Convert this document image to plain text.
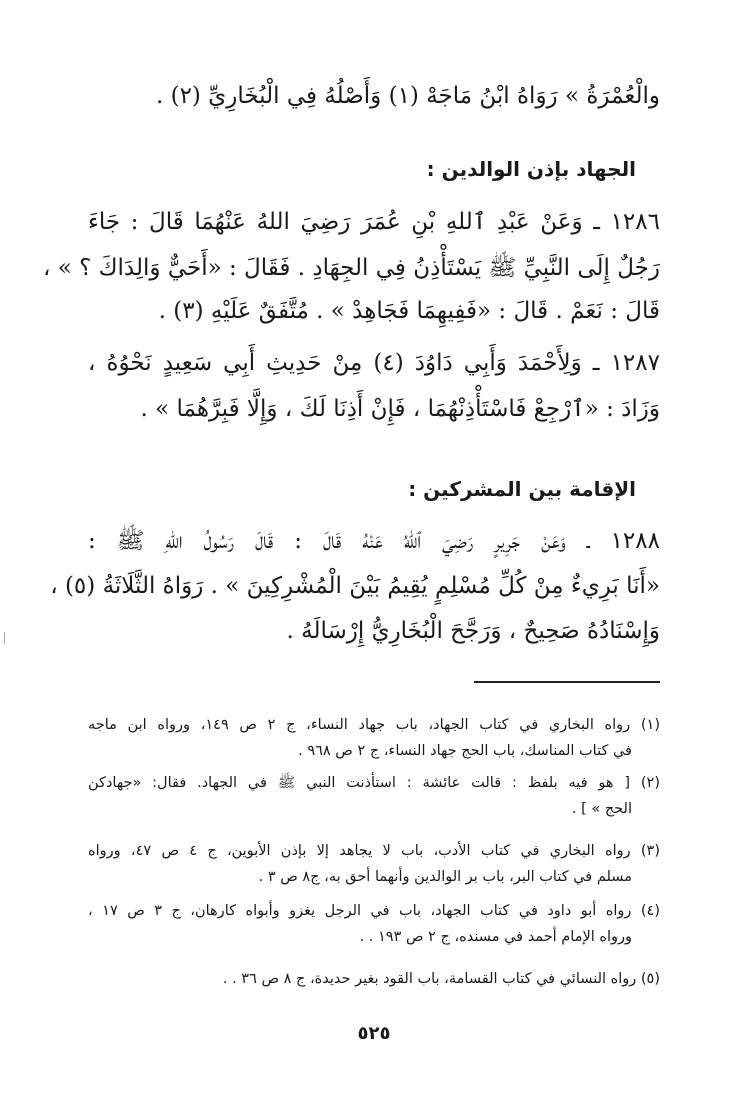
والْعُمْرَةُ » رَوَاهُ ابْنُ مَاجَهْ (١) وَأَصْلُهُ فِي الْبُخَارِيِّ (٢) .
الجهاد بإذن الوالدين :
١٢٨٦ ـ وَعَنْ عَبْدِ ٱللهِ بْنِ عُمَرَ رَضِيَ اللهُ عَنْهُمَا قَالَ : جَاءَ
رَجُلٌ إِلَى النَّبِيِّ ﷺ يَسْتَأْذِنُ فِي الجِهَادِ . فَقَالَ : «أَحَيٌّ وَالِدَاكَ ؟ » ،
قَالَ : نَعَمْ . قَالَ : «فَفِيهِمَا فَجَاهِدْ » . مُتَّفَقٌ عَلَيْهِ (٣) .
١٢٨٧ ـ وَلِأَحْمَدَ وَأَبِي دَاوُدَ (٤) مِنْ حَدِيثِ أَبِي سَعِيدٍ نَحْوُهُ ،
وَزَادَ : «ٱرْجِعْ فَاسْتَأْذِنْهُمَا ، فَإِنْ أَذِنَا لَكَ ، وَإِلَّا فَبِرَّهُمَا » .
الإقامة بين المشركين :
١٢٨٨ ـ وَعَنْ جَرِيرٍ رَضِيَ ٱللهُ عَنْهُ قَالَ : قَالَ رَسُولُ اللهِ ﷺ :
«أَنَا بَرِيءٌ مِنْ كُلِّ مُسْلِمٍ يُقِيمُ بَيْنَ الْمُشْرِكِينَ » . رَوَاهُ الثَّلَاثَةُ (٥) ،
وَإِسْنَادُهُ صَحِيحٌ ، وَرَجَّحَ الْبُخَارِيُّ إِرْسَالَهُ .
(١) رواه البخاري في كتاب الجهاد، باب جهاد النساء، ج ٢ ص ١٤٩، ورواه ابن ماجه
في كتاب المناسك، باب الحج جهاد النساء، ج ٢ ص ٩٦٨ .
(٢) [ هو فيه بلفظ : قالت عائشة : استأذنت النبي ﷺ في الجهاد. فقال: «جهادكن
الحج » ] .
(٣) رواه البخاري في كتاب الأدب، باب لا يجاهد إلا بإذن الأبوين، ج ٤ ص ٤٧، ورواه
مسلم في كتاب البر، باب بر الوالدين وأنهما أحق به، ج٨ ص ٣ .
(٤) رواه أبو داود في كتاب الجهاد، باب في الرجل يغزو وأبواه كارهان، ج ٣ ص ١٧ ،
ورواه الإمام أحمد في مسنده، ج ٢ ص ١٩٣ . .
(٥) رواه النسائي في كتاب القسامة، باب القود بغير حديدة، ج ٨ ص ٣٦ . .
٥٢٥
